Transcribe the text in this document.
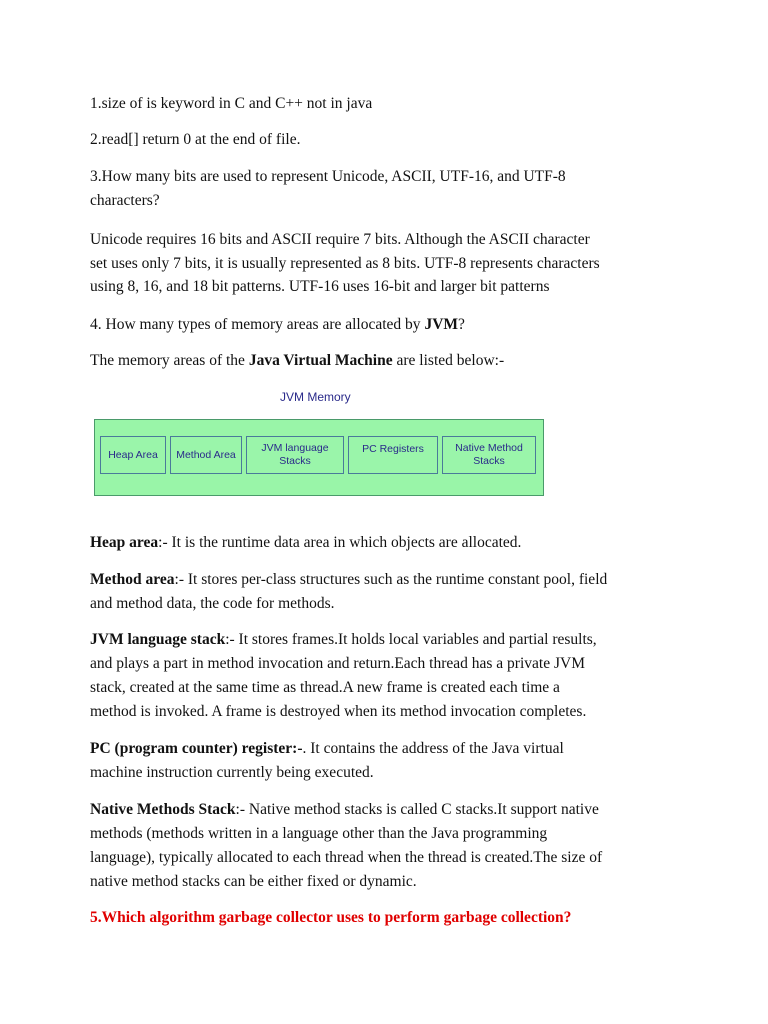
1.size of is keyword in C and C++ not in java

2.read[] return 0 at the end of file.

3.How many bits are used to represent Unicode, ASCII, UTF-16, and UTF-8

characters?

Unicode requires 16 bits and ASCII require 7 bits. Although the ASCII character

set uses only 7 bits, it is usually represented as 8 bits. UTF-8 represents characters

using 8, 16, and 18 bit patterns. UTF-16 uses 16-bit and larger bit patterns

4. How many types of memory areas are allocated by JVM?

The memory areas of the Java Virtual Machine are listed below:-

Heap area:- It is the runtime data area in which objects are allocated.

Method area:- It stores per-class structures such as the runtime constant pool, field

and method data, the code for methods.

JVM language stack:- It stores frames.It holds local variables and partial results,

and plays a part in method invocation and return.Each thread has a private JVM

stack, created at the same time as thread.A new frame is created each time a

method is invoked. A frame is destroyed when its method invocation completes.

PC (program counter) register:-. It contains the address of the Java virtual

machine instruction currently being executed.

Native Methods Stack:- Native method stacks is called C stacks.It support native

methods (methods written in a language other than the Java programming

language), typically allocated to each thread when the thread is created.The size of

native method stacks can be either fixed or dynamic.

5.Which algorithm garbage collector uses to perform garbage collection?

JVM Memory
Heap Area	Method Area
JVM language Stacks
PC Registers	Native Method Stacks
